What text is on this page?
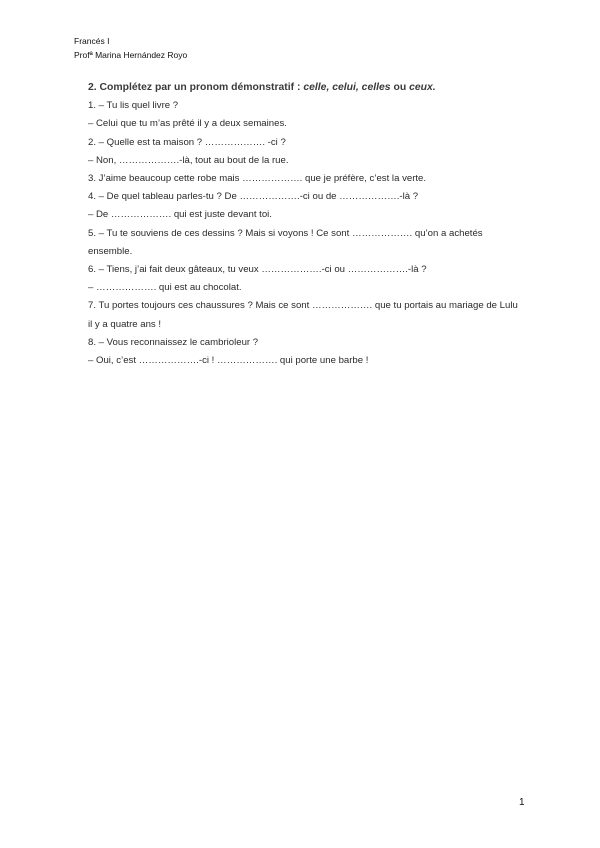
Francés I
Profª Marina Hernández Royo
2. Complétez par un pronom démonstratif : celle, celui, celles ou ceux.
1. – Tu lis quel livre ?
– Celui que tu m’as prêté il y a deux semaines.
2. – Quelle est ta maison ? ………………. -ci ?
– Non, ……………….-là, tout au bout de la rue.
3. J’aime beaucoup cette robe mais ………………. que je préfère, c’est la verte.
4. – De quel tableau parles-tu ? De ……………….-ci ou de ……………….-là ?
– De ………………. qui est juste devant toi.
5. – Tu te souviens de ces dessins ? Mais si voyons ! Ce sont ………………. qu’on a achetés ensemble.
6. – Tiens, j’ai fait deux gâteaux, tu veux ……………….-ci ou ……………….-là ?
– ………………. qui est au chocolat.
7. Tu portes toujours ces chaussures ? Mais ce sont ………………. que tu portais au mariage de Lulu il y a quatre ans !
8. – Vous reconnaissez le cambrioleur ?
– Oui, c’est ……………….-ci ! ………………. qui porte une barbe !
1
